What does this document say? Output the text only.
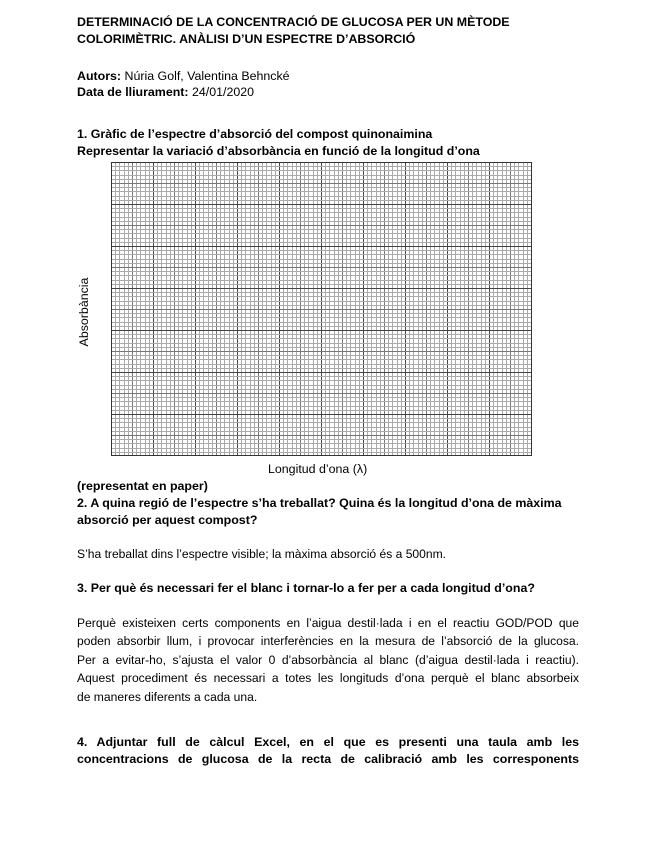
DETERMINACIÓ DE LA CONCENTRACIÓ DE GLUCOSA PER UN MÈTODE
COLORIMÈTRIC. ANÀLISI D’UN ESPECTRE D’ABSORCIÓ
Autors: Núria Golf, Valentina Behncké
Data de lliurament: 24/01/2020
1. Gràfic de l’espectre d’absorció del compost quinonaimina
Representar la variació d’absorbància en funció de la longitud d’ona
Absorbància
Longitud d’ona (λ)
(representat en paper)
2. A quina regió de l’espectre s’ha treballat? Quina és la longitud d’ona de màxima
absorció per aquest compost?
S’ha treballat dins l’espectre visible; la màxima absorció és a 500nm.
3. Per què és necessari fer el blanc i tornar-lo a fer per a cada longitud d’ona?
Perquè existeixen certs components en l’aigua destil·lada i en el reactiu GOD/POD que
poden absorbir llum, i provocar interferències en la mesura de l’absorció de la glucosa.
Per a evitar-ho, s’ajusta el valor 0 d’absorbància al blanc (d’aigua destil·lada i reactiu).
Aquest procediment és necessari a totes les longituds d’ona perquè el blanc absorbeix
de maneres diferents a cada una.
4. Adjuntar full de càlcul Excel, en el que es presenti una taula amb les
concentracions de glucosa de la recta de calibració amb les corresponents
